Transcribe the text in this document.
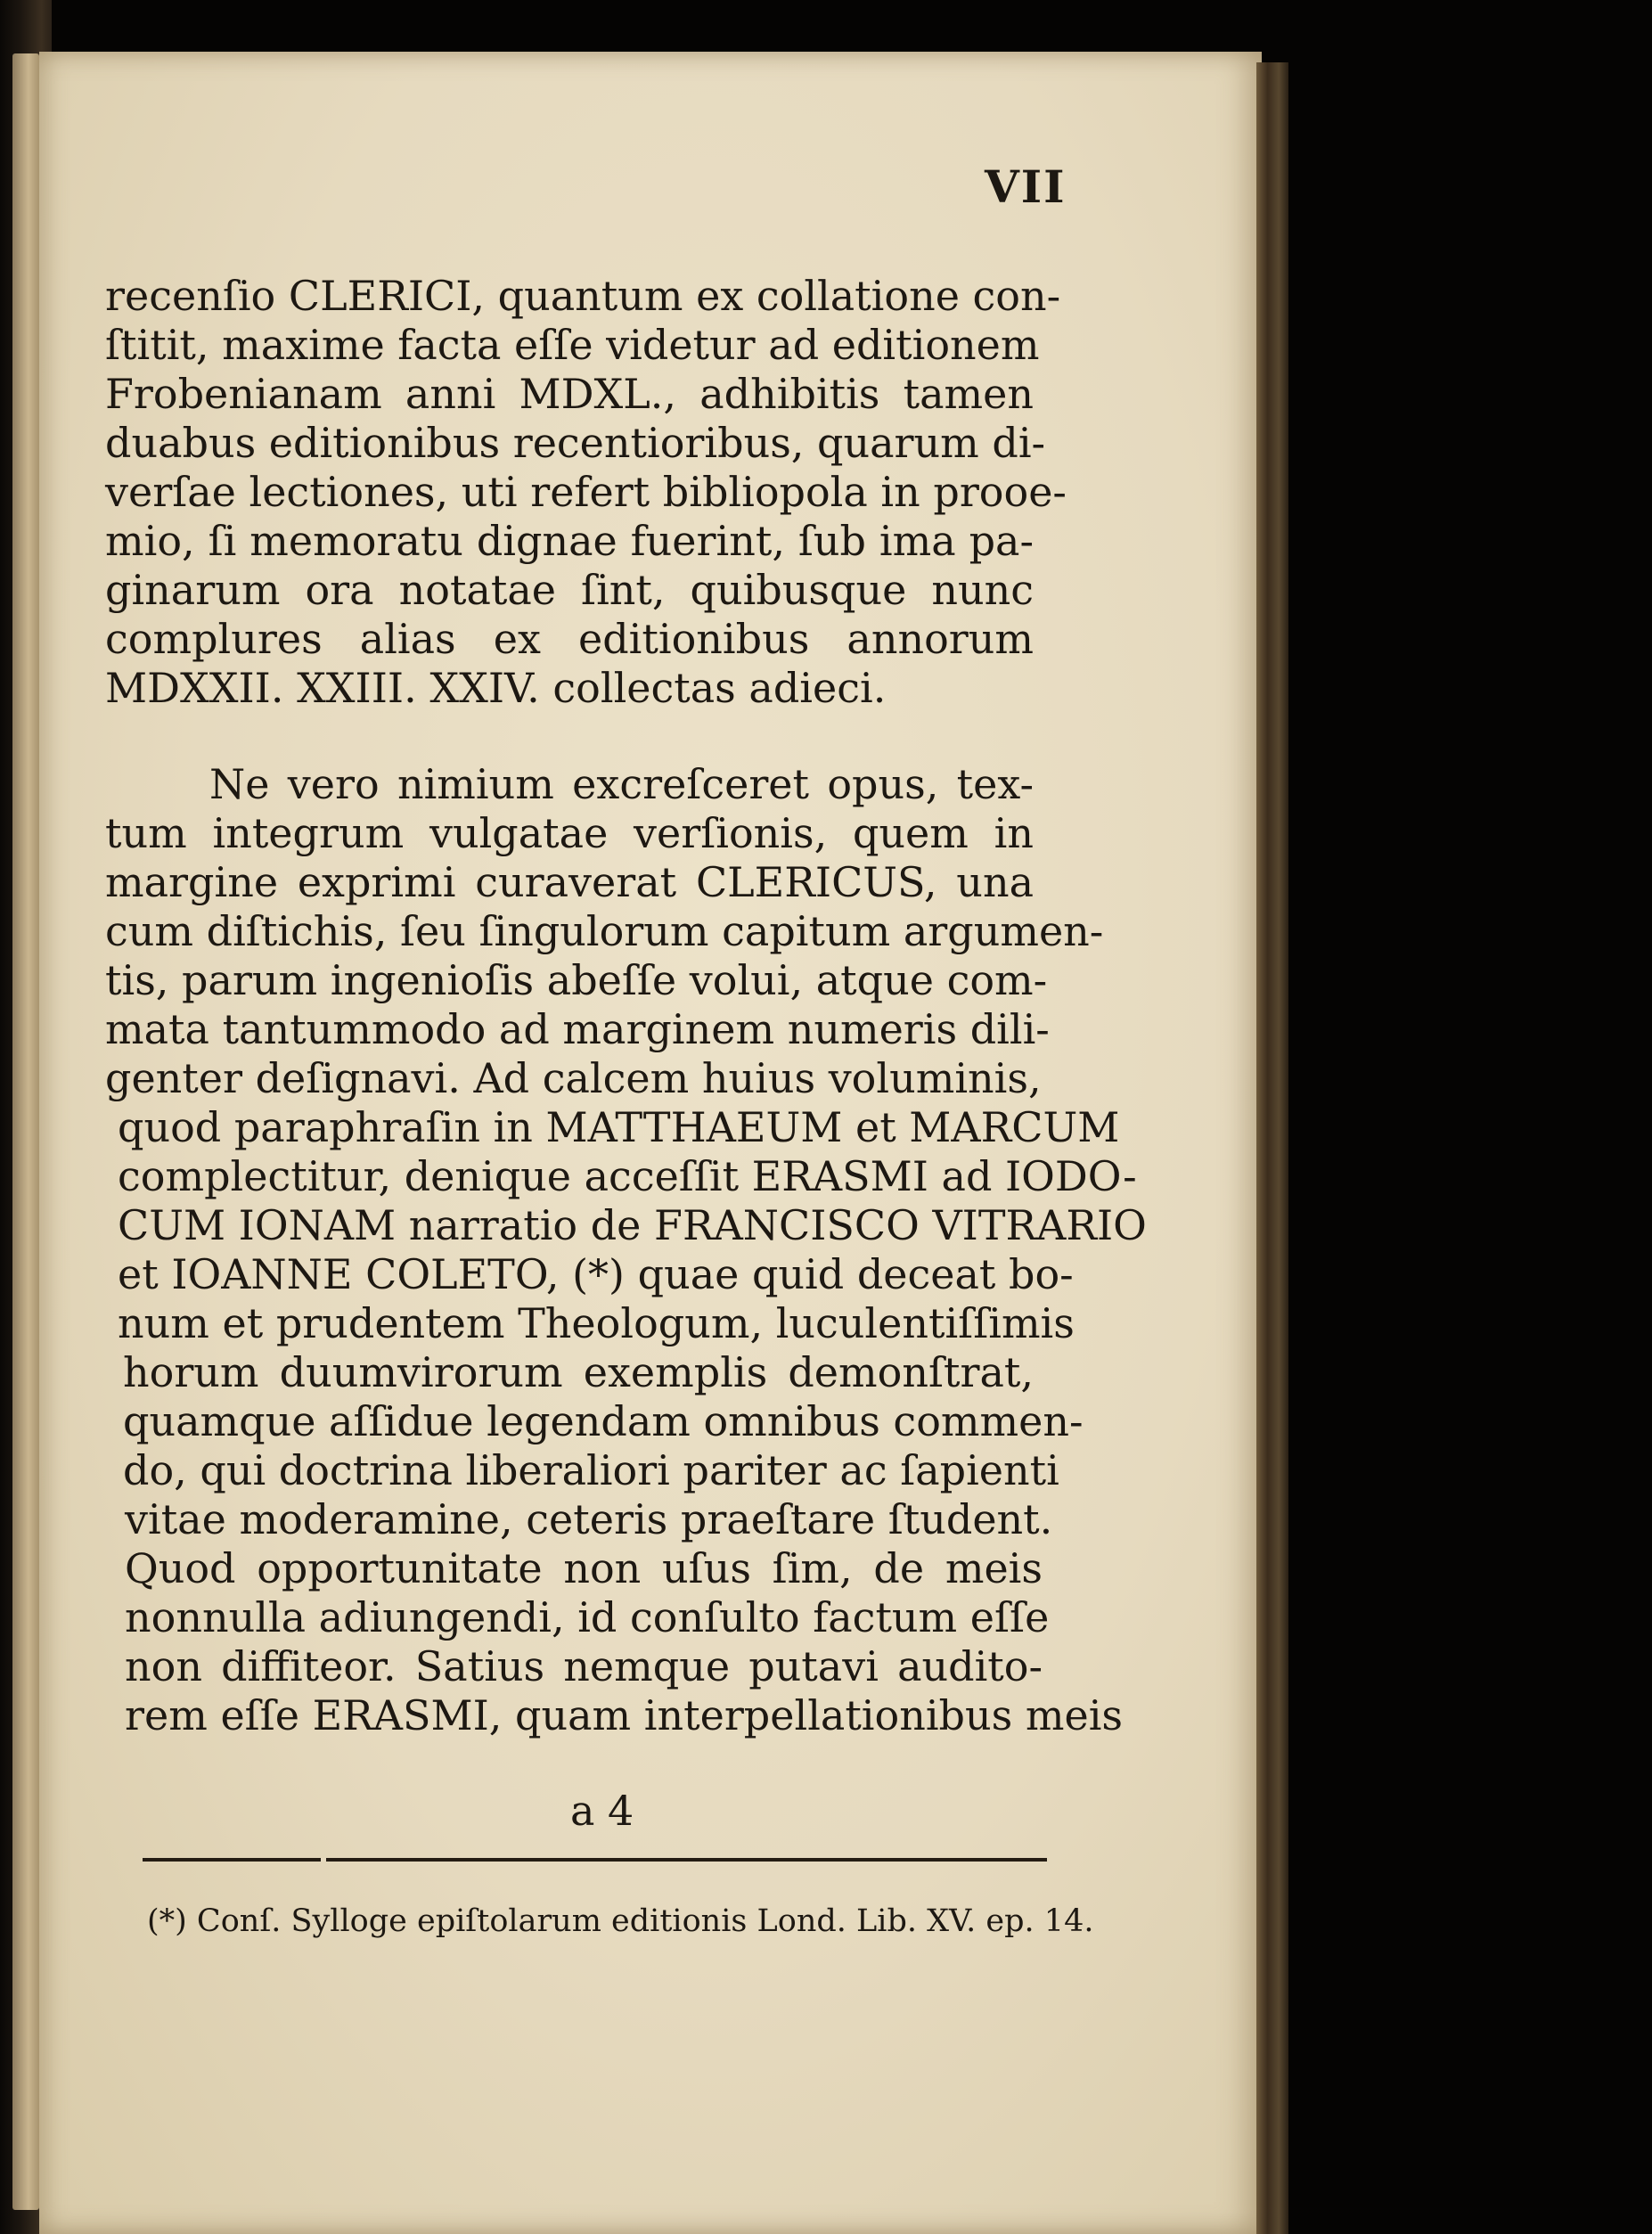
VII
recenſio CLERICI, quantum ex collatione con-
ſtitit, maxime facta eſſe videtur ad editionem
Frobenianam anni MDXL., adhibitis tamen
duabus editionibus recentioribus, quarum di-
verſae lectiones, uti refert bibliopola in prooe-
mio, ſi memoratu dignae fuerint, ſub ima pa-
ginarum ora notatae ſint, quibusque nunc
complures alias ex editionibus annorum
MDXXII. XXIII. XXIV. collectas adieci.
Ne vero nimium excreſceret opus, tex-
tum integrum vulgatae verſionis, quem in
margine exprimi curaverat CLERICUS, una
cum diſtichis, ſeu ſingulorum capitum argumen-
tis, parum ingenioſis abeſſe volui, atque com-
mata tantummodo ad marginem numeris dili-
genter deſignavi. Ad calcem huius voluminis,
quod paraphraſin in MATTHAEUM et MARCUM
complectitur, denique acceſſit ERASMI ad IODO-
CUM IONAM narratio de FRANCISCO VITRARIO
et IOANNE COLETO, (*) quae quid deceat bo-
num et prudentem Theologum, luculentiſſimis
horum duumvirorum exemplis demonſtrat,
quamque aſſidue legendam omnibus commen-
do, qui doctrina liberaliori pariter ac ſapienti
vitae moderamine, ceteris praeſtare ſtudent.
Quod opportunitate non uſus ſim, de meis
nonnulla adiungendi, id conſulto factum eſſe
non diffiteor. Satius nemque putavi audito-
rem eſſe ERASMI, quam interpellationibus meis
a 4
(*) Conſ. Sylloge epiſtolarum editionis Lond. Lib. XV. ep. 14.
